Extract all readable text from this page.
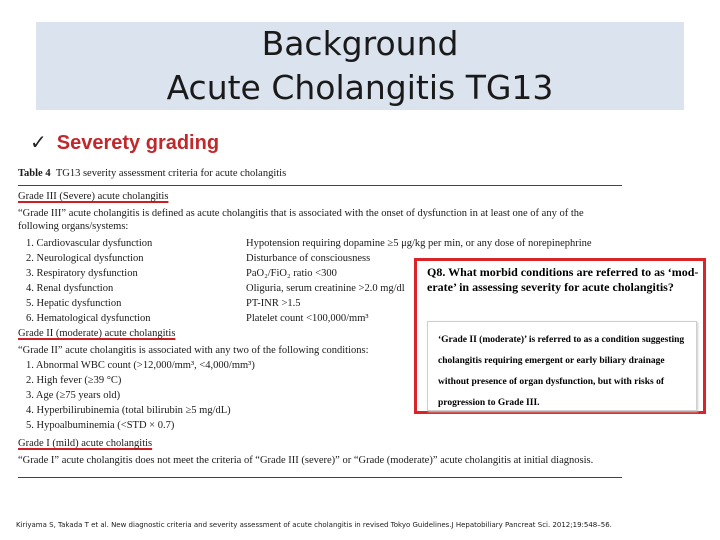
Background
Acute Cholangitis TG13
✓ Severety grading
Table 4 TG13 severity assessment criteria for acute cholangitis
Grade III (Severe) acute cholangitis
“Grade III” acute cholangitis is defined as acute cholangitis that is associated with the onset of dysfunction in at least one of any of the
following organs/systems:
1. Cardiovascular dysfunction	Hypotension requiring dopamine ≥5 μg/kg per min, or any dose of norepinephrine
2. Neurological dysfunction	Disturbance of consciousness
3. Respiratory dysfunction	PaO₂/FiO₂ ratio <300
4. Renal dysfunction	Oliguria, serum creatinine >2.0 mg/dl
5. Hepatic dysfunction	PT-INR >1.5
6. Hematological dysfunction	Platelet count <100,000/mm³
Grade II (moderate) acute cholangitis
“Grade II” acute cholangitis is associated with any two of the following conditions:
1. Abnormal WBC count (>12,000/mm³, <4,000/mm³)
2. High fever (≥39 °C)
3. Age (≥75 years old)
4. Hyperbilirubinemia (total bilirubin ≥5 mg/dL)
5. Hypoalbuminemia (<STD × 0.7)
Grade I (mild) acute cholangitis
“Grade I” acute cholangitis does not meet the criteria of “Grade III (severe)” or “Grade (moderate)” acute cholangitis at initial diagnosis.
Q8. What morbid conditions are referred to as ‘mod-erate’ in assessing severity for acute cholangitis?
‘Grade II (moderate)’ is referred to as a condition suggesting cholangitis requiring emergent or early biliary drainage without presence of organ dysfunction, but with risks of progression to Grade III.
Kiriyama S, Takada T et al. New diagnostic criteria and severity assessment of acute cholangitis in revised Tokyo Guidelines.J Hepatobiliary Pancreat Sci. 2012;19:548–56.
